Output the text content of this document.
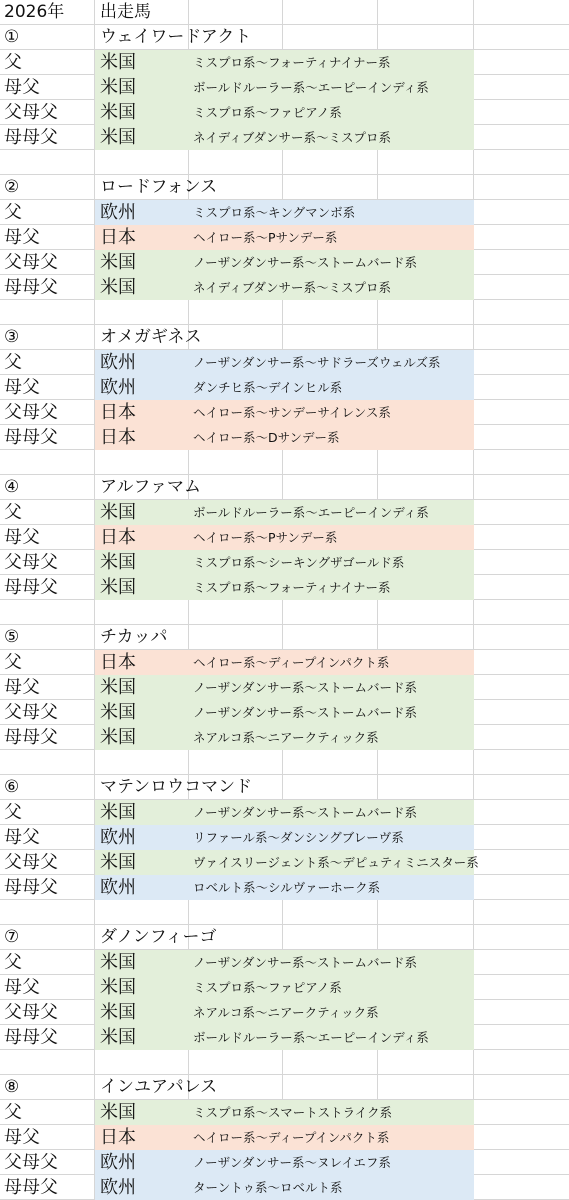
2026年 出走馬
①	ウェイワードアクト
父	米国	ミスプロ系～フォーティナイナー系
母父	米国	ボールドルーラー系～エーピーインディ系
父母父 米国	ミスプロ系～ファピアノ系
母母父 米国	ネイディブダンサー系～ミスプロ系
②	ロードフォンス
父	欧州	ミスプロ系～キングマンボ系
母父	日本	ヘイロー系～Pサンデー系
父母父 米国	ノーザンダンサー系～ストームバード系
母母父 米国	ネイディブダンサー系～ミスプロ系
③	オメガギネス
父	欧州	ノーザンダンサー系～サドラーズウェルズ系
母父	欧州	ダンチヒ系～デインヒル系
父母父 日本	ヘイロー系～サンデーサイレンス系
母母父 日本	ヘイロー系～Dサンデー系
④	アルファマム
父	米国	ボールドルーラー系～エーピーインディ系
母父	日本	ヘイロー系～Pサンデー系
父母父 米国	ミスプロ系～シーキングザゴールド系
母母父 米国	ミスプロ系～フォーティナイナー系
⑤	チカッパ
父	日本	ヘイロー系～ディープインパクト系
母父	米国	ノーザンダンサー系～ストームバード系
父母父 米国	ノーザンダンサー系～ストームバード系
母母父 米国	ネアルコ系～ニアークティック系
⑥	マテンロウコマンド
父	米国	ノーザンダンサー系～ストームバード系
母父	欧州	リファール系～ダンシングブレーヴ系
父母父 米国	ヴァイスリージェント系～デピュティミニスター系
母母父 欧州	ロベルト系～シルヴァーホーク系
⑦	ダノンフィーゴ
父	米国	ノーザンダンサー系～ストームバード系
母父	米国	ミスプロ系～ファピアノ系
父母父 米国	ネアルコ系～ニアークティック系
母母父 米国	ボールドルーラー系～エーピーインディ系
⑧	インユアパレス
父	米国	ミスプロ系～スマートストライク系
母父	日本	ヘイロー系～ディープインパクト系
父母父 欧州	ノーザンダンサー系～ヌレイエフ系
母母父 欧州	ターントゥ系～ロベルト系
